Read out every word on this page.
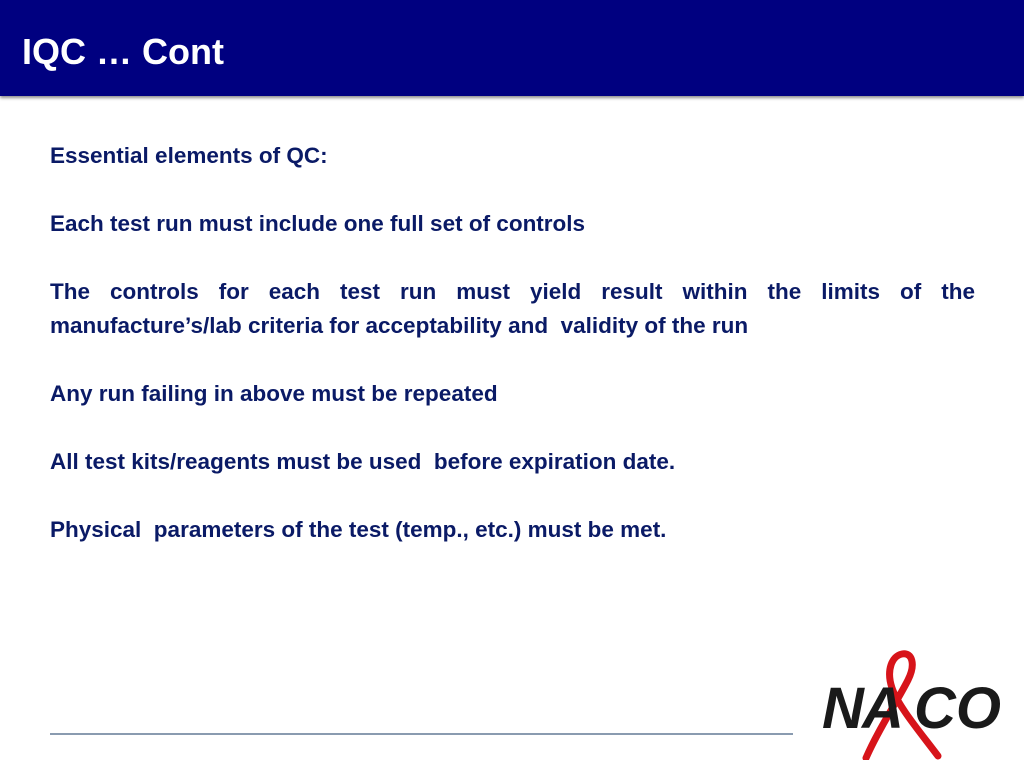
IQC … Cont

Essential elements of QC:

Each test run must include one full set of controls

The controls for each test run must yield result within the limits of the manufacture’s/lab criteria for acceptability and  validity of the run

Any run failing in above must be repeated

All test kits/reagents must be used  before expiration date.

Physical  parameters of the test (temp., etc.) must be met.

N
A CO
